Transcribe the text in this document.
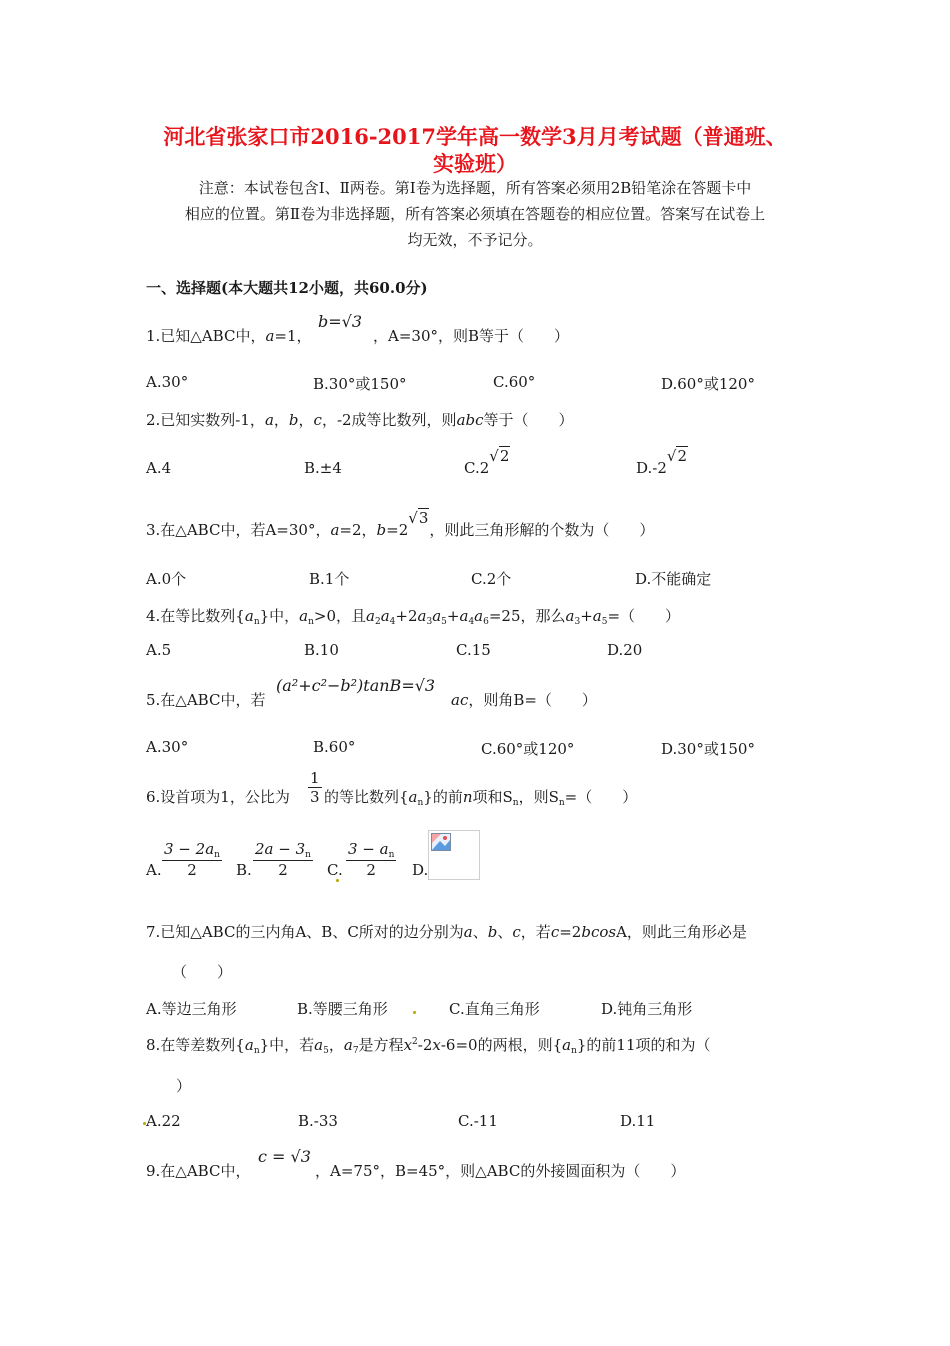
河北省张家口市2016-2017学年高一数学3月月考试题（普通班、
实验班）
注意：本试卷包含Ⅰ、Ⅱ两卷。第Ⅰ卷为选择题，所有答案必须用2B铅笔涂在答题卡中
相应的位置。第Ⅱ卷为非选择题，所有答案必须填在答题卷的相应位置。答案写在试卷上
均无效，不予记分。
一、选择题(本大题共12小题，共60.0分)
1.已知△ABC中，a=1，
b=√3
，A=30°，则B等于（　　）
A.30°	B.30°或150°	C.60°	D.60°或120°
2.已知实数列-1，a，b，c，-2成等比数列，则abc等于（　　）
A.4	B.±4	C.2√2
D.-2√2
3.在△ABC中，若A=30°，a=2，b=2√3，则此三角形解的个数为（　　）
A.0个	B.1个	C.2个	D.不能确定
4.在等比数列$\{a_n\}$中，$a_n>0$，且$a_2a_4+2a_3a_5+a_4a_6=25$，那么$a_3+a_5=$（　　）
A.5	B.10	C.15	D.20
5.在△ABC中，若
(a²+c²−b²)tanB=√3
ac，则角B=（　　）
A.30°	B.60°	C.60°或120°	D.30°或150°
6.设首项为1，公比为 $\frac{1}{3}$ 的等比数列$\{a_n\}$的前n项和$S_n$，则$S_n=$（　　）
A. $\frac{3 - 2a_n}{2} B$. $\frac{2a - 3_n}{2} C$. $\frac{3 - a_n}{2} D$.
7.已知△ABC的三内角A、B、C所对的边分别为a、b、c，若c=2bcosA，则此三角形必是
（　　）
A.等边三角形	B.等腰三角形	C.直角三角形	D.钝角三角形
8.在等差数列$\{a_n\}$中，若$a_5$，$a_7$是方程$x^2-2x-6=0$的两根，则$\{a_n\}$的前11项的和为（
）
A.22	B.-33	C.-11	D.11
9.在△ABC中，
c = √3
，A=75°，B=45°，则△ABC的外接圆面积为（　　）
